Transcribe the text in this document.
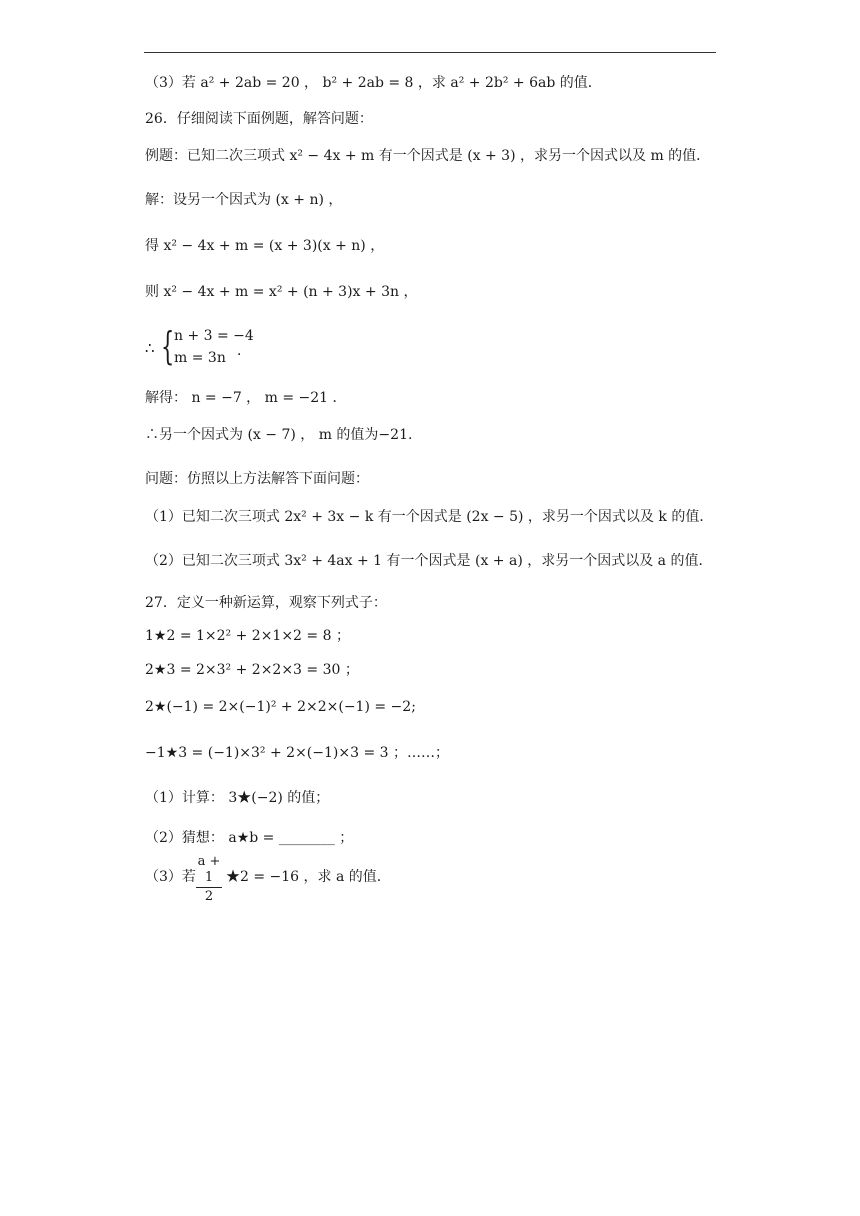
（3）若 a² + 2ab = 20 ， b² + 2ab = 8 ，求 a² + 2b² + 6ab 的值．
26．仔细阅读下面例题，解答问题：
例题：已知二次三项式 x² − 4x + m 有一个因式是 (x + 3) ，求另一个因式以及 m 的值．
解：设另一个因式为 (x + n) ，
得 x² − 4x + m = (x + 3)(x + n) ，
则 x² − 4x + m = x² + (n + 3)x + 3n ，
∴ { n + 3 = −4
m = 3n ．
解得： n = −7 ， m = −21 ．
∴另一个因式为 (x − 7) ， m 的值为−21.
问题：仿照以上方法解答下面问题：
（1）已知二次三项式 2x² + 3x − k 有一个因式是 (2x − 5) ，求另一个因式以及 k 的值．
（2）已知二次三项式 3x² + 4ax + 1 有一个因式是 (x + a) ，求另一个因式以及 a 的值．
27．定义一种新运算，观察下列式子：
1★2 = 1×2² + 2×1×2 = 8 ；
2★3 = 2×3² + 2×2×3 = 30 ；
2★(−1) = 2×(−1)² + 2×2×(−1) = −2;
−1★3 = (−1)×3² + 2×(−1)×3 = 3 ；……；
（1）计算： 3★(−2) 的值；
（2）猜想： a★b = ________ ；
（3）若
a + 1
2
★2 = −16 ，求 a 的值．
